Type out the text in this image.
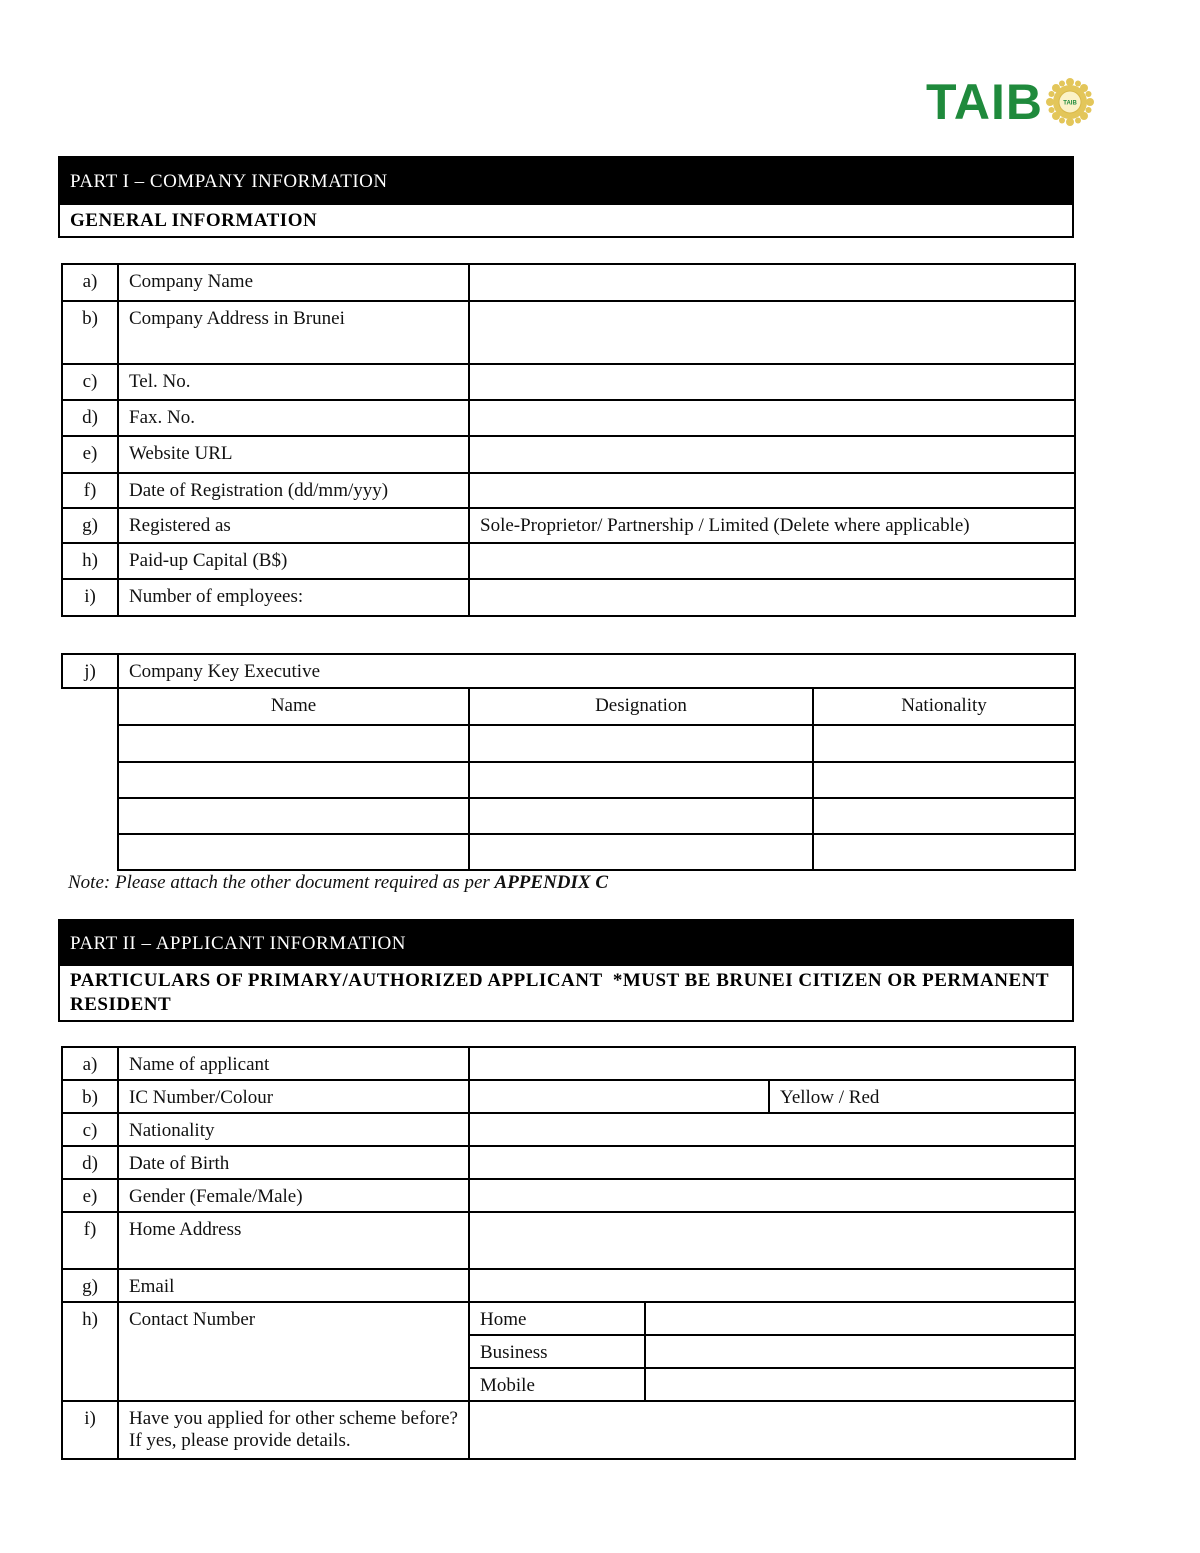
TAIB	TAIB
PART I – COMPANY INFORMATION
GENERAL INFORMATION
a)	Company Name	
b)	Company Address in Brunei	
c)	Tel. No.	
d)	Fax. No.	
e)	Website URL	
f)	Date of Registration (dd/mm/yyy)	
g)	Registered as	Sole-Proprietor/ Partnership / Limited (Delete where applicable)
h)	Paid-up Capital (B$)	
i)	Number of employees:	
j)	Company Key Executive		
	Name	Designation	Nationality

Note: Please attach the other document required as per APPENDIX C
PART II – APPLICANT INFORMATION
PARTICULARS OF PRIMARY/AUTHORIZED APPLICANT  *MUST BE BRUNEI CITIZEN OR PERMANENT RESIDENT
a)	Name of applicant			
b)	IC Number/Colour			Yellow / Red
c)	Nationality			
d)	Date of Birth			
e)	Gender (Female/Male)			
f)	Home Address			
g)	Email			
h)	Contact Number	Home		
		Business		
		Mobile		
i)	Have you applied for other scheme before? If yes, please provide details.			
